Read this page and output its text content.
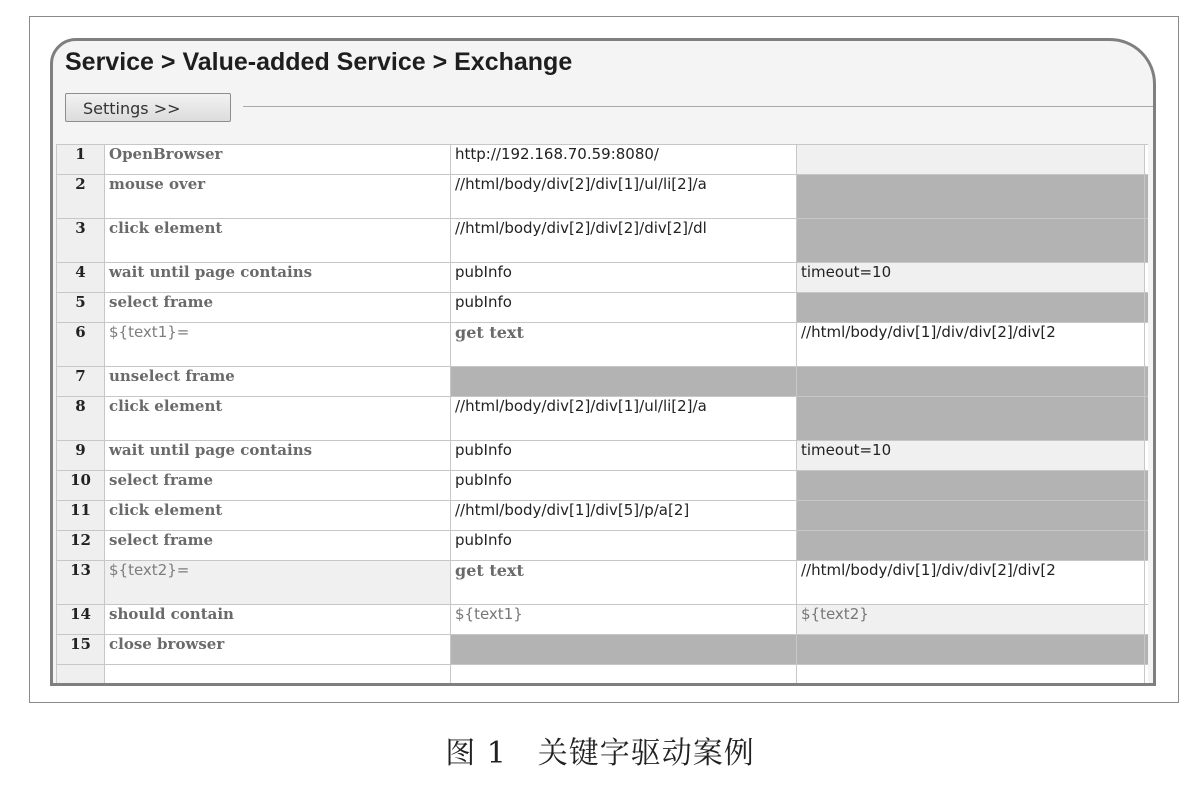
Service > Value-added Service > Exchange
Settings >>
1	OpenBrowser	http://192.168.70.59:8080/		
2	mouse over	//html/body/div[2]/div[1]/ul/li[2]/a		
3	click element	//html/body/div[2]/div[2]/div[2]/dl		
4	wait until page contains	pubInfo	timeout=10	
5	select frame	pubInfo		
6	${text1}=	get text	//html/body/div[1]/div/div[2]/div[2	
7	unselect frame			
8	click element	//html/body/div[2]/div[1]/ul/li[2]/a		
9	wait until page contains	pubInfo	timeout=10	
10	select frame	pubInfo		
11	click element	//html/body/div[1]/div[5]/p/a[2]		
12	select frame	pubInfo		
13	${text2}=	get text	//html/body/div[1]/div/div[2]/div[2	
14	should contain	${text1}	${text2}	
15	close browser			

图 1　关键字驱动案例
